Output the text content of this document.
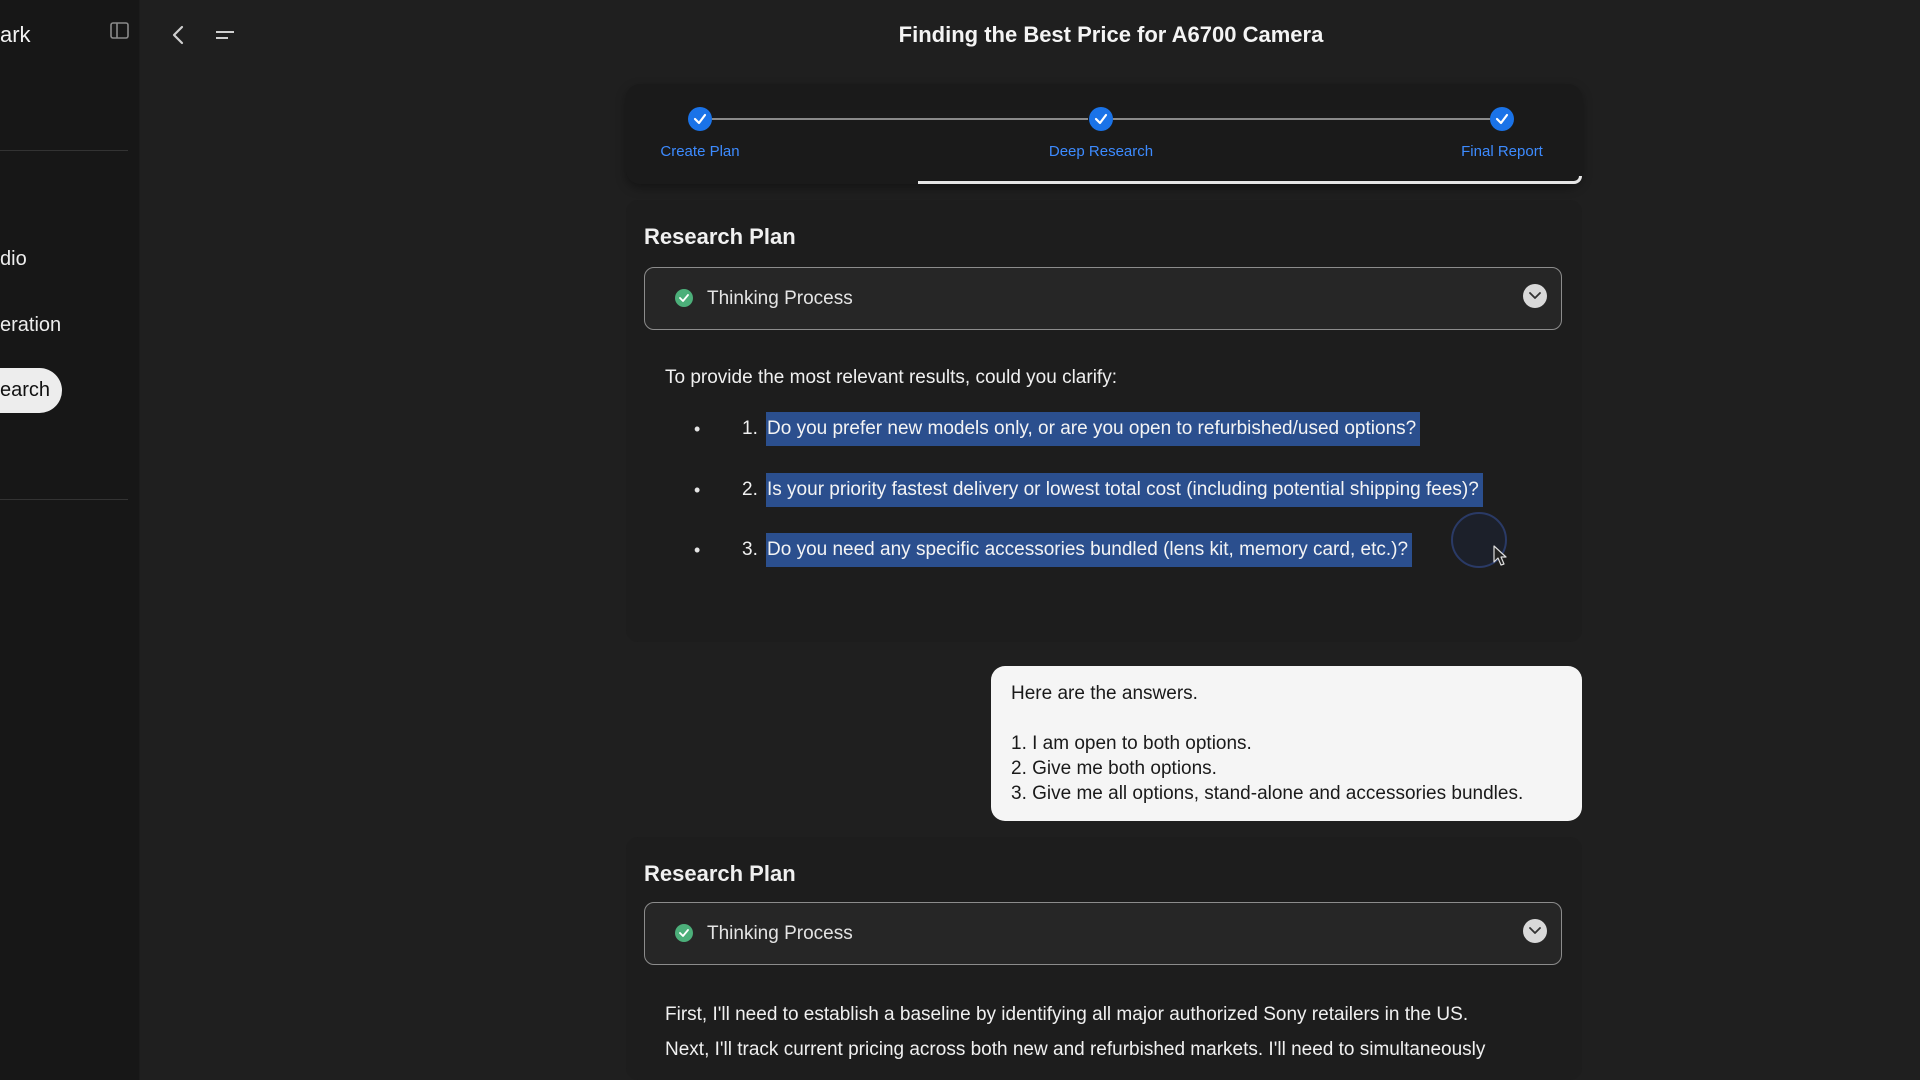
ark
dio
eration
earch
Finding the Best Price for A6700 Camera
Create Plan	Deep Research	Final Report
Research Plan
Thinking Process
To provide the most relevant results, could you clarify:
• 1. Do you prefer new models only, or are you open to refurbished/used options?
• 2. Is your priority fastest delivery or lowest total cost (including potential shipping fees)?
• 3. Do you need any specific accessories bundled (lens kit, memory card, etc.)?
Here are the answers.
1. I am open to both options.
2. Give me both options.
3. Give me all options, stand-alone and accessories bundles.
Research Plan
Thinking Process
First, I'll need to establish a baseline by identifying all major authorized Sony retailers in the US.
Next, I'll track current pricing across both new and refurbished markets. I'll need to simultaneously
